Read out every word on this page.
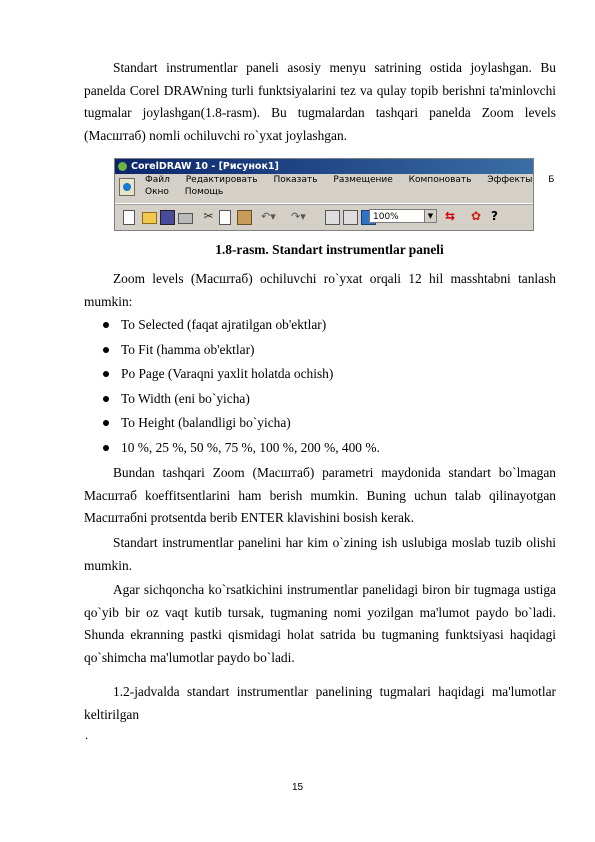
Standart instrumentlar paneli asosiy menyu satrining ostida joylashgan. Bu panelda Corel DRAWning turli funktsiyalarini tez va qulay topib berishni ta'minlovchi tugmalar joylashgan(1.8-rasm). Bu tugmalardan tashqari panelda Zoom levels (Масштаб) nomli ochiluvchi ro`yxat joylashgan.

CorelDRAW 10 - [Рисунок1]
Файл Редактировать Показать Размещение Компоновать Эффекты Б
Окно Помощь
✂	↶▾ ↷▾	100%	▼ ⇆ ✿ ?
1.8-rasm. Standart instrumentlar paneli

Zoom levels (Масштаб) ochiluvchi ro`yxat orqali 12 hil masshtabni tanlash mumkin:

To Selected (faqat ajratilgan ob'ektlar)
To Fit (hamma ob'ektlar)
Po Page (Varaqni yaxlit holatda ochish)
To Width (eni bo`yicha)
To Height (balandligi bo`yicha)
10 %, 25 %, 50 %, 75 %, 100 %, 200 %, 400 %.

Bundan tashqari Zoom (Масштаб) parametri maydonida standart bo`lmagan Масштаб koeffitsentlarini ham berish mumkin. Buning uchun talab qilinayotgan Масштабni protsentda berib ENTER klavishini bosish kerak.

Standart instrumentlar panelini har kim o`zining ish uslubiga moslab tuzib olishi mumkin.

Agar sichqoncha ko`rsatkichini instrumentlar panelidagi biron bir tugmaga ustiga qo`yib bir oz vaqt kutib tursak, tugmaning nomi yozilgan ma'lumot paydo bo`ladi. Shunda ekranning pastki qismidagi holat satrida bu tugmaning funktsiyasi haqidagi qo`shimcha ma'lumotlar paydo bo`ladi.

1.2-jadvalda standart instrumentlar panelining tugmalari haqidagi ma'lumotlar keltirilgan

.
15
